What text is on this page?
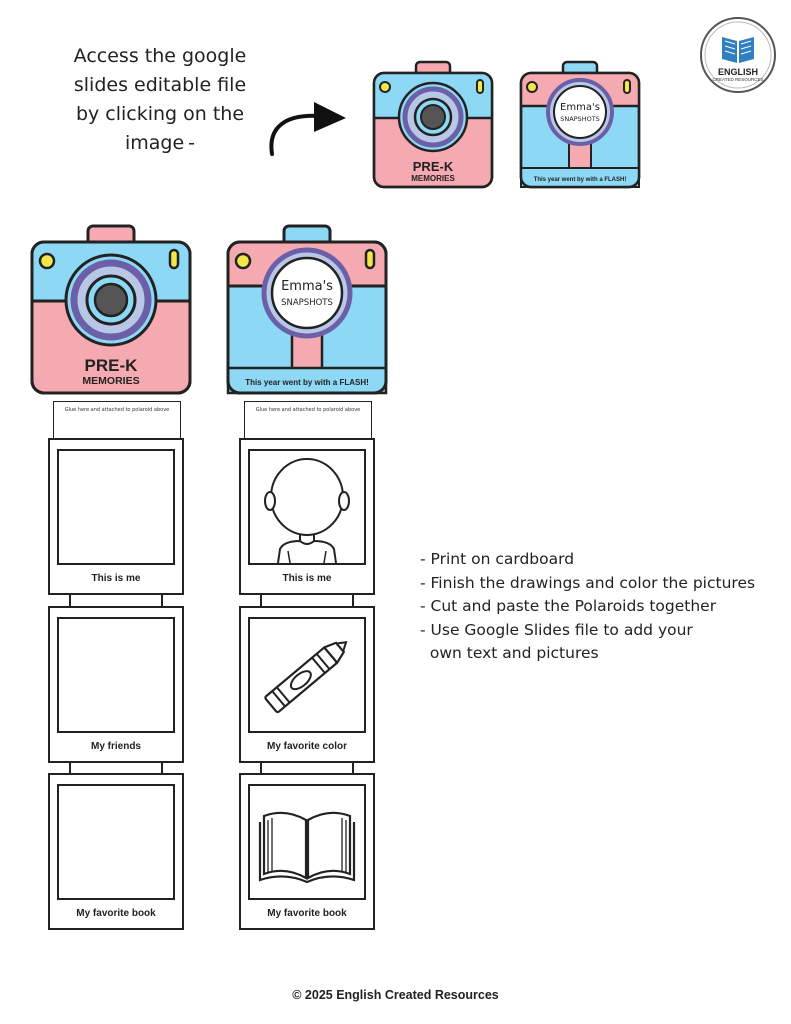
Access the google
slides editable file
by clicking on the
image -
ENGLISH
CREATED RESOURCES
PRE-K
MEMORIES
Emma's
SNAPSHOTS
This year went by with a FLASH!
PRE-K
MEMORIES
Emma's
SNAPSHOTS
This year went by with a FLASH!
Glue here and attached to polaroid above
This is me
My friends
My favorite book
Glue here and attached to polaroid above
This is me
My favorite color
My favorite book
- Print on cardboard
- Finish the drawings and color the pictures
- Cut and paste the Polaroids together
- Use Google Slides file to add your
own text and pictures
© 2025 English Created Resources
